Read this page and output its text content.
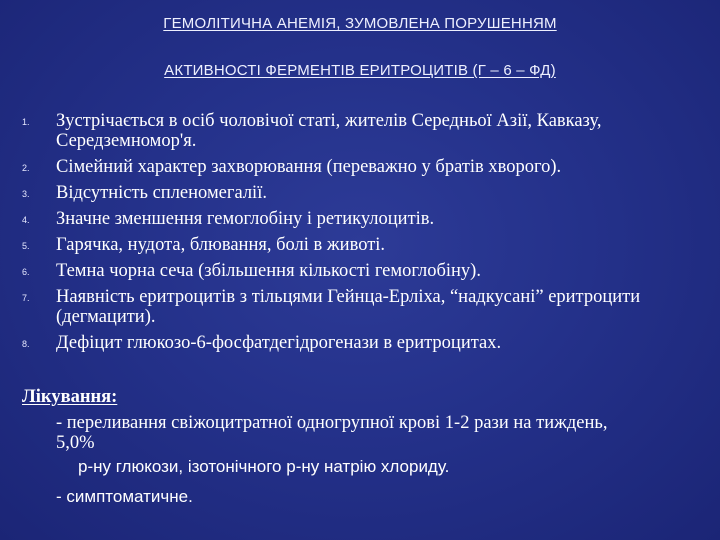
ГЕМОЛІТИЧНА АНЕМІЯ, ЗУМОВЛЕНА ПОРУШЕННЯМ
АКТИВНОСТІ ФЕРМЕНТІВ ЕРИТРОЦИТІВ (Г – 6 – ФД)
1. Зустрічається в осіб чоловічої статі, жителів Середньої Азії, Кавказу, Середземномор'я.
2. Сімейний характер захворювання (переважно у братів хворого).
3. Відсутність спленомегалії.
4. Значне зменшення гемоглобіну і ретикулоцитів.
5. Гарячка, нудота, блювання, болі в животі.
6. Темна чорна сеча (збільшення кількості гемоглобіну).
7. Наявність еритроцитів з тільцями Гейнца-Ерліха, “надкусані” еритроцити (дегмацити).
8. Дефіцит глюкозо-6-фосфатдегідрогенази в еритроцитах.
Лікування:
- переливання свіжоцитратної одногрупної крові 1-2 рази на тиждень,
5,0%
р-ну глюкози, ізотонічного р-ну натрію хлориду.
- симптоматичне.
